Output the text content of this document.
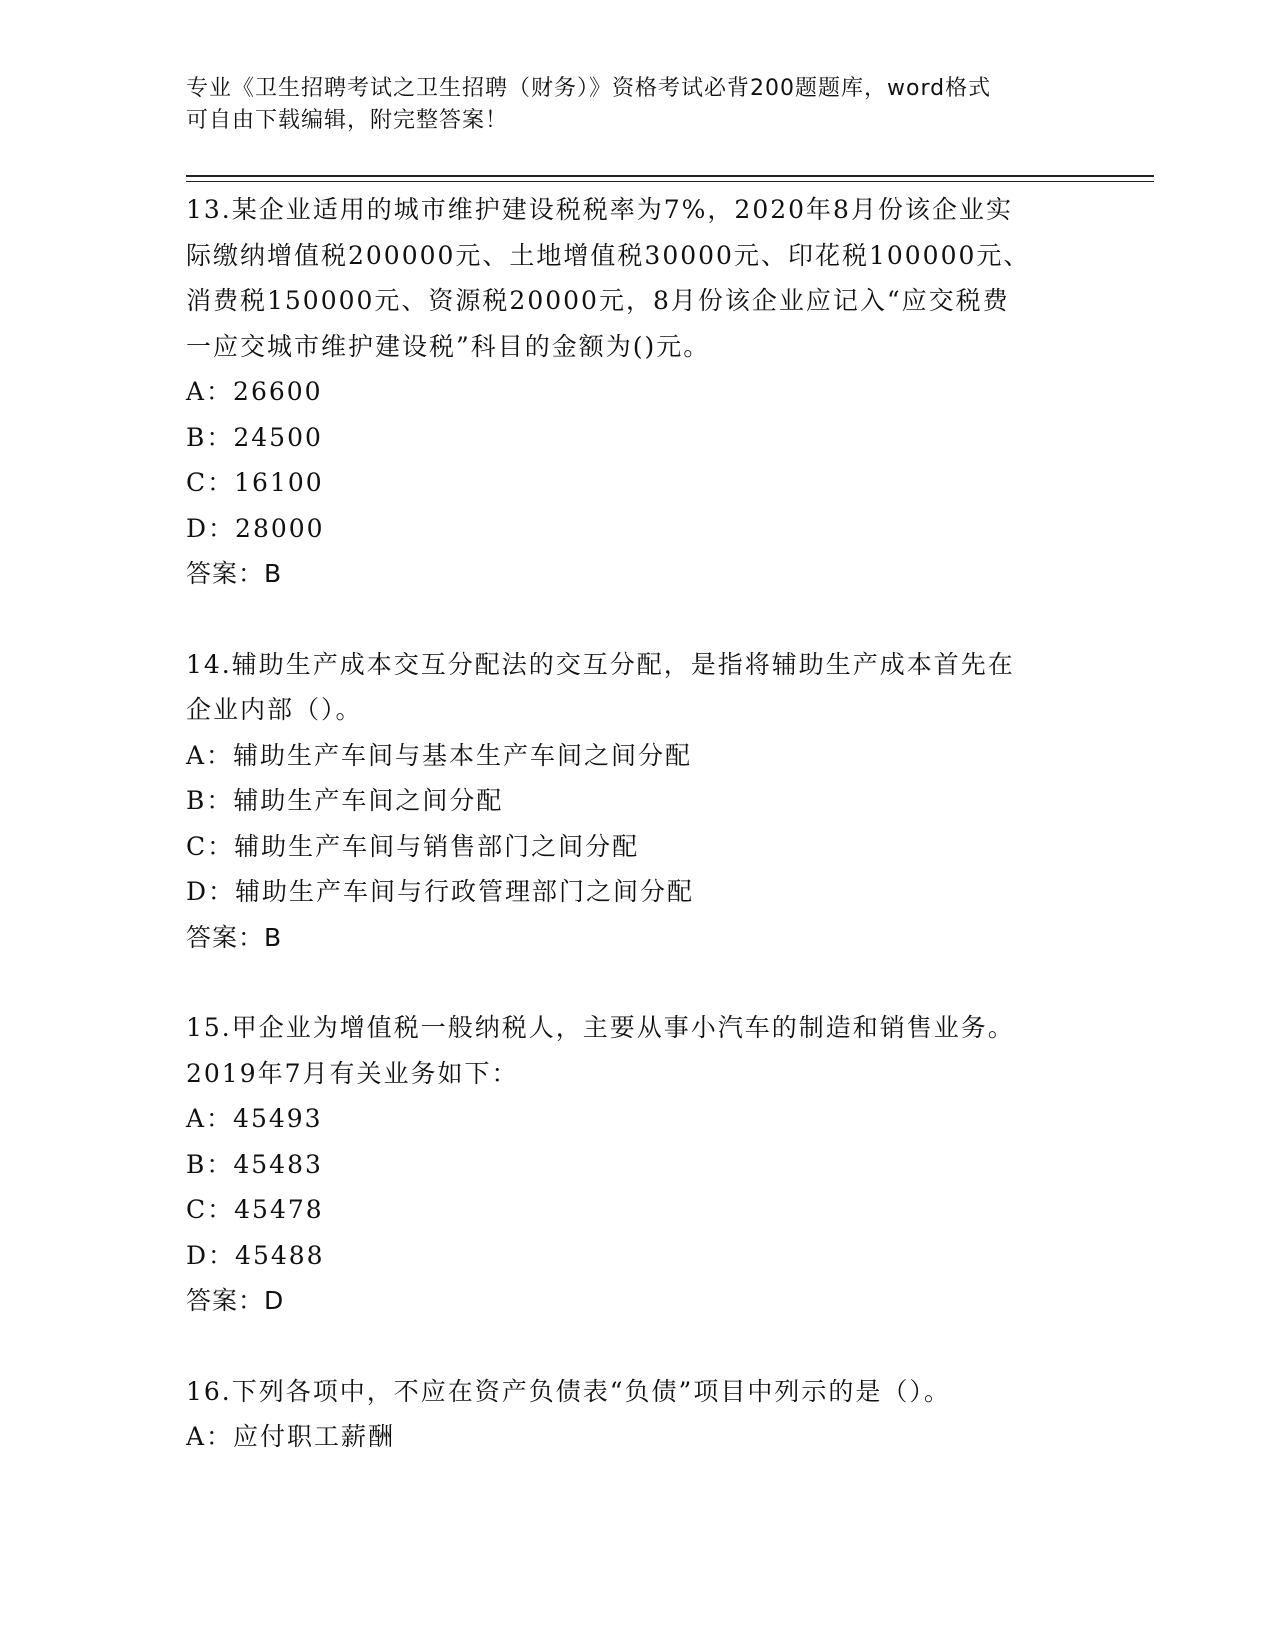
专业《卫生招聘考试之卫生招聘（财务）》资格考试必背200题题库，word格式
可自由下载编辑，附完整答案！
13.某企业适用的城市维护建设税税率为7%，2020年8月份该企业实
际缴纳增值税200000元、土地增值税30000元、印花税100000元、
消费税150000元、资源税20000元，8月份该企业应记入“应交税费
一应交城市维护建设税”科目的金额为()元。
A：26600
B：24500
C：16100
D：28000
答案：B
14.辅助生产成本交互分配法的交互分配，是指将辅助生产成本首先在
企业内部（）。
A：辅助生产车间与基本生产车间之间分配
B：辅助生产车间之间分配
C：辅助生产车间与销售部门之间分配
D：辅助生产车间与行政管理部门之间分配
答案：B
15.甲企业为增值税一般纳税人，主要从事小汽车的制造和销售业务。
2019年7月有关业务如下：
A：45493
B：45483
C：45478
D：45488
答案：D
16.下列各项中，不应在资产负债表“负债”项目中列示的是（）。
A：应付职工薪酬
